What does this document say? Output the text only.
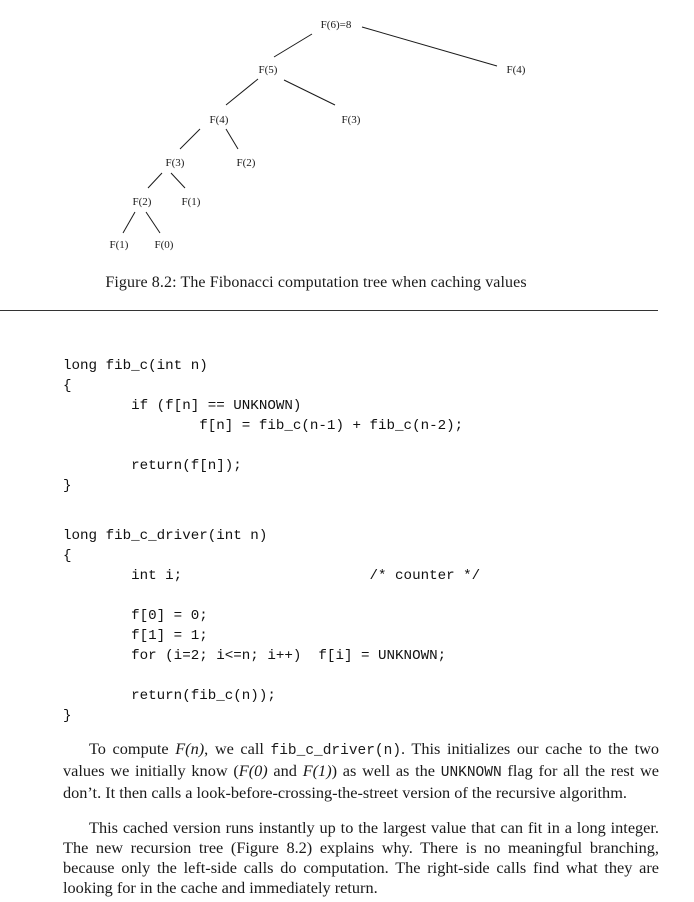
F(6)=8
F(5)	F(4)
F(4)	F(3)
F(3)	F(2)
F(2)	F(1)
F(1) F(0)
Figure 8.2: The Fibonacci computation tree when caching values
long fib_c(int n)
{
if (f[n] == UNKNOWN)
f[n] = fib_c(n-1) + fib_c(n-2);

return(f[n]);
}
long fib_c_driver(int n)
{
int i;                      /* counter */

f[0] = 0;
f[1] = 1;
for (i=2; i<=n; i++)  f[i] = UNKNOWN;

return(fib_c(n));
}

To compute F(n), we call fib_c_driver(n). This initializes our cache to the two values we initially know (F(0) and F(1)) as well as the UNKNOWN flag for all the rest we don’t. It then calls a look-before-crossing-the-street version of the recursive algorithm.

This cached version runs instantly up to the largest value that can fit in a long integer. The new recursion tree (Figure 8.2) explains why. There is no meaningful branching, because only the left-side calls do computation. The right-side calls find what they are looking for in the cache and immediately return.
